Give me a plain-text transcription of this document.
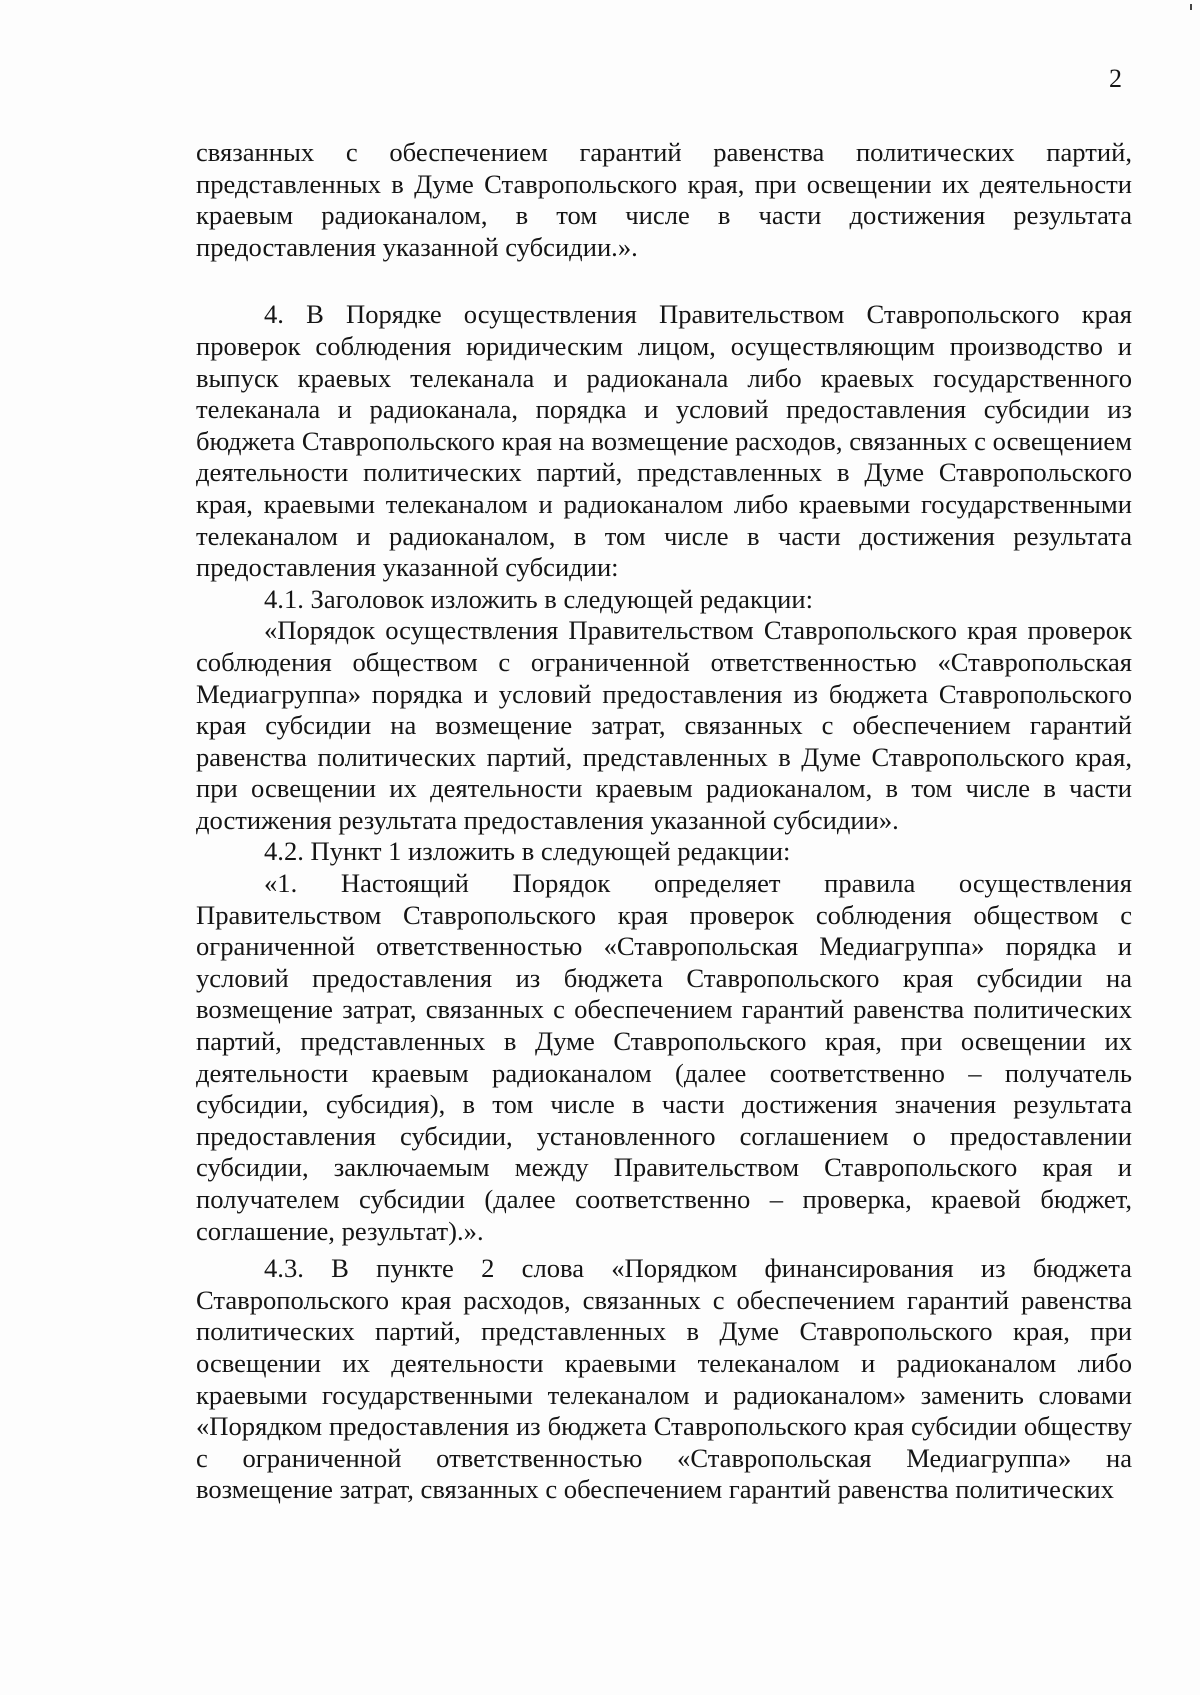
2

связанных с обеспечением гарантий равенства политических партий, представленных в Думе Ставропольского края, при освещении их деятельности краевым радиоканалом, в том числе в части достижения результата предоставления указанной субсидии.».

4. В Порядке осуществления Правительством Ставропольского края проверок соблюдения юридическим лицом, осуществляющим производство и выпуск краевых телеканала и радиоканала либо краевых государственного телеканала и радиоканала, порядка и условий предоставления субсидии из бюджета Ставропольского края на возмещение расходов, связанных с освещением деятельности политических партий, представленных в Думе Ставропольского края, краевыми телеканалом и радиоканалом либо краевыми государственными телеканалом и радиоканалом, в том числе в части достижения результата предоставления указанной субсидии:

4.1. Заголовок изложить в следующей редакции:

«Порядок осуществления Правительством Ставропольского края проверок соблюдения обществом с ограниченной ответственностью «Ставропольская Медиагруппа» порядка и условий предоставления из бюджета Ставропольского края субсидии на возмещение затрат, связанных с обеспечением гарантий равенства политических партий, представленных в Думе Ставропольского края, при освещении их деятельности краевым радиоканалом, в том числе в части достижения результата предоставления указанной субсидии».

4.2. Пункт 1 изложить в следующей редакции:

«1. Настоящий Порядок определяет правила осуществления Правительством Ставропольского края проверок соблюдения обществом с ограниченной ответственностью «Ставропольская Медиагруппа» порядка и условий предоставления из бюджета Ставропольского края субсидии на возмещение затрат, связанных с обеспечением гарантий равенства политических партий, представленных в Думе Ставропольского края, при освещении их деятельности краевым радиоканалом (далее соответственно – получатель субсидии, субсидия), в том числе в части достижения значения результата предоставления субсидии, установленного соглашением о предоставлении субсидии, заключаемым между Правительством Ставропольского края и получателем субсидии (далее соответственно – проверка, краевой бюджет, соглашение, результат).».

4.3. В пункте 2 слова «Порядком финансирования из бюджета Ставропольского края расходов, связанных с обеспечением гарантий равенства политических партий, представленных в Думе Ставропольского края, при освещении их деятельности краевыми телеканалом и радиоканалом либо краевыми государственными телеканалом и радиоканалом» заменить словами «Порядком предоставления из бюджета Ставропольского края субсидии обществу с ограниченной ответственностью «Ставропольская Медиагруппа» на возмещение затрат, связанных с обеспечением гарантий равенства политических
